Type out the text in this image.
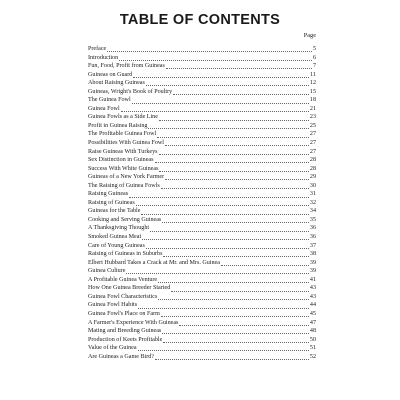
TABLE OF CONTENTS
Page
Preface	5
Introduction	6
Fun, Food, Profit from Guineas	7
Guineas on Guard	11
About Raising Guineas	12
Guineas, Wright's Book of Poultry	15
The Guinea Fowl	18
Guinea Fowl	21
Guinea Fowls as a Side Line	23
Profit in Guinea Raising	25
The Profitable Guinea Fowl	27
Possibilities With Guinea Fowl	27
Raise Guineas With Turkeys	27
Sex Distinction in Guineas	28
Success With White Guineas	28
Guineas of a New York Farmer	29
The Raising of Guinea Fowls	30
Raising Guineas	31
Raising of Guineas	32
Guineas for the Table	34
Cooking and Serving Guineas	35
A Thanksgiving Thought	36
Smoked Guinea Meat	36
Care of Young Guineas	37
Raising of Guineas in Suburbs	38
Elbert Hubbard Takes a Crack at Mr. and Mrs. Guinea	39
Guinea Culture	39
A Profitable Guinea Venture	41
How One Guinea Breeder Started	43
Guinea Fowl Characteristics	43
Guinea Fowl Habits	44
Guinea Fowl's Place on Farm	45
A Farmer's Experience With Guineas	47
Mating and Breeding Guineas	48
Production of Keets Profitable	50
Value of the Guinea	51
Are Guineas a Game Bird?	52
